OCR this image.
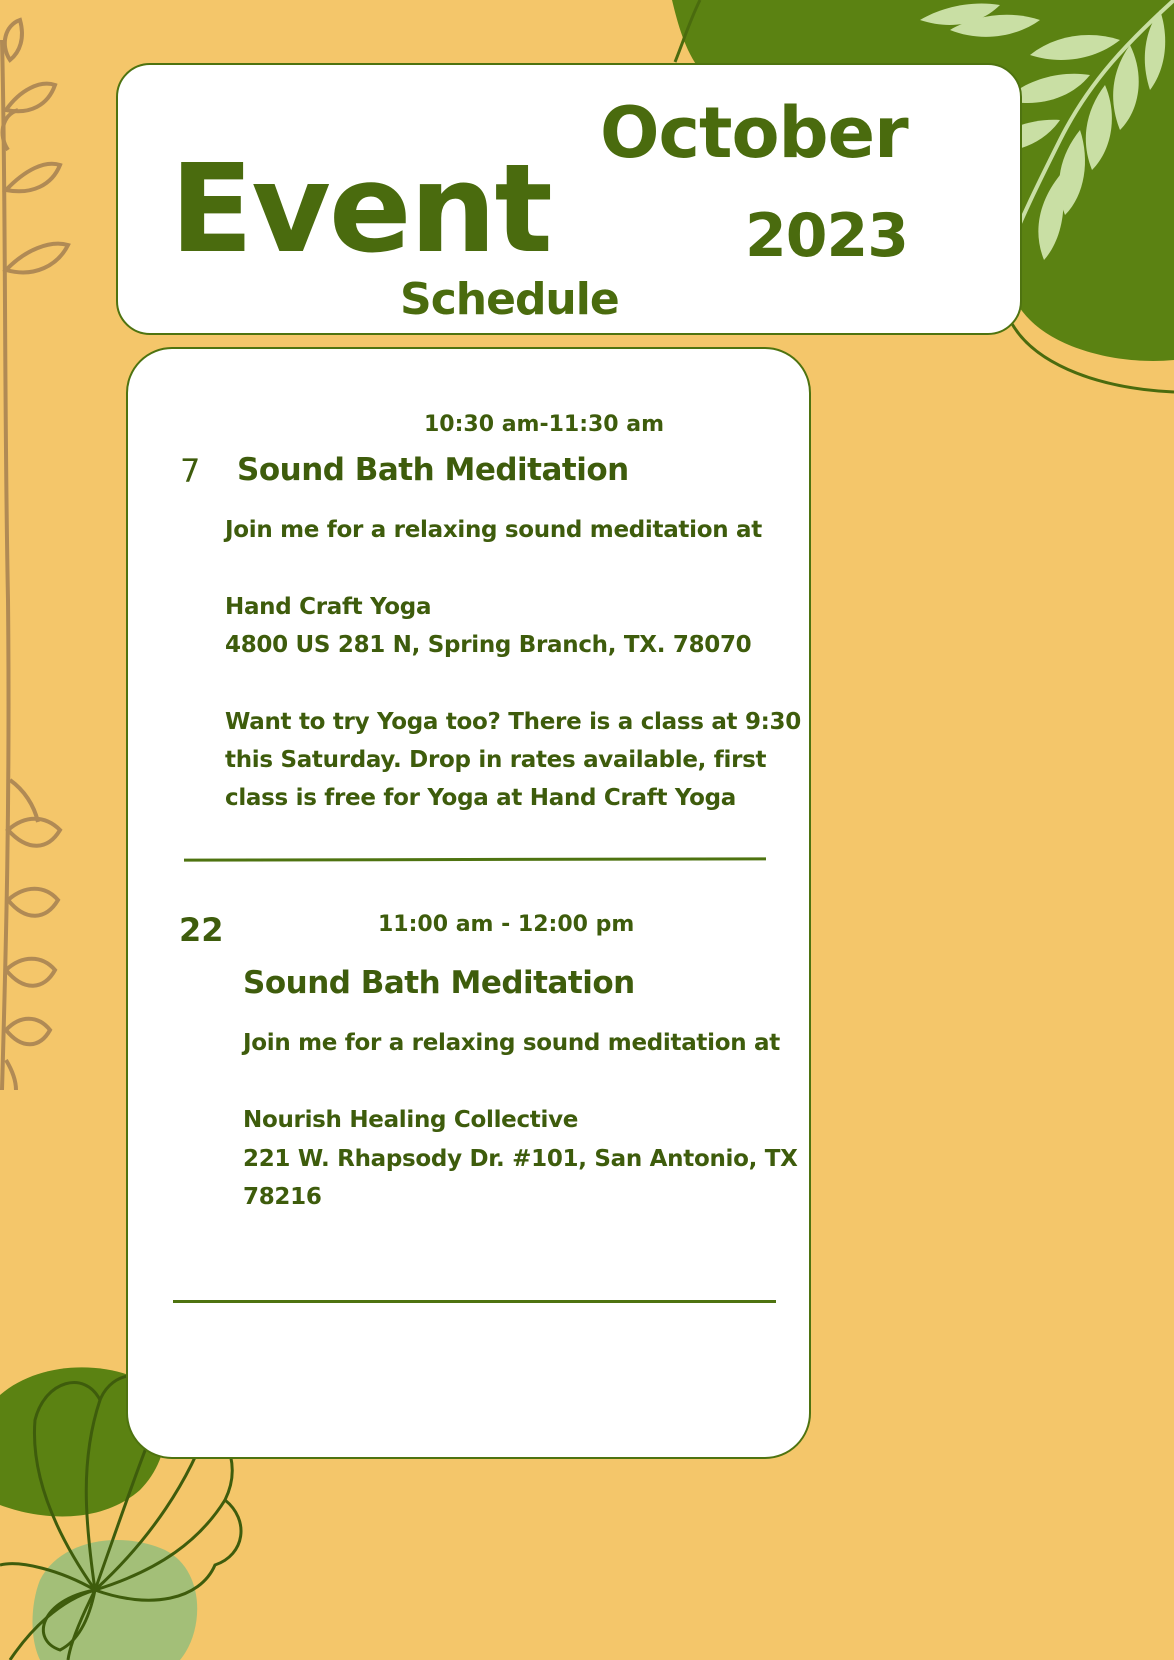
Event
Schedule
October
2023
10:30 am-11:30 am
7 Sound Bath Meditation
Join me for a relaxing sound meditation at
Hand Craft Yoga
4800 US 281 N, Spring Branch, TX. 78070
Want to try Yoga too? There is a class at 9:30
this Saturday. Drop in rates available, first
class is free for Yoga at Hand Craft Yoga
22	11:00 am - 12:00 pm
Sound Bath Meditation
Join me for a relaxing sound meditation at
Nourish Healing Collective
221 W. Rhapsody Dr. #101, San Antonio, TX
78216
